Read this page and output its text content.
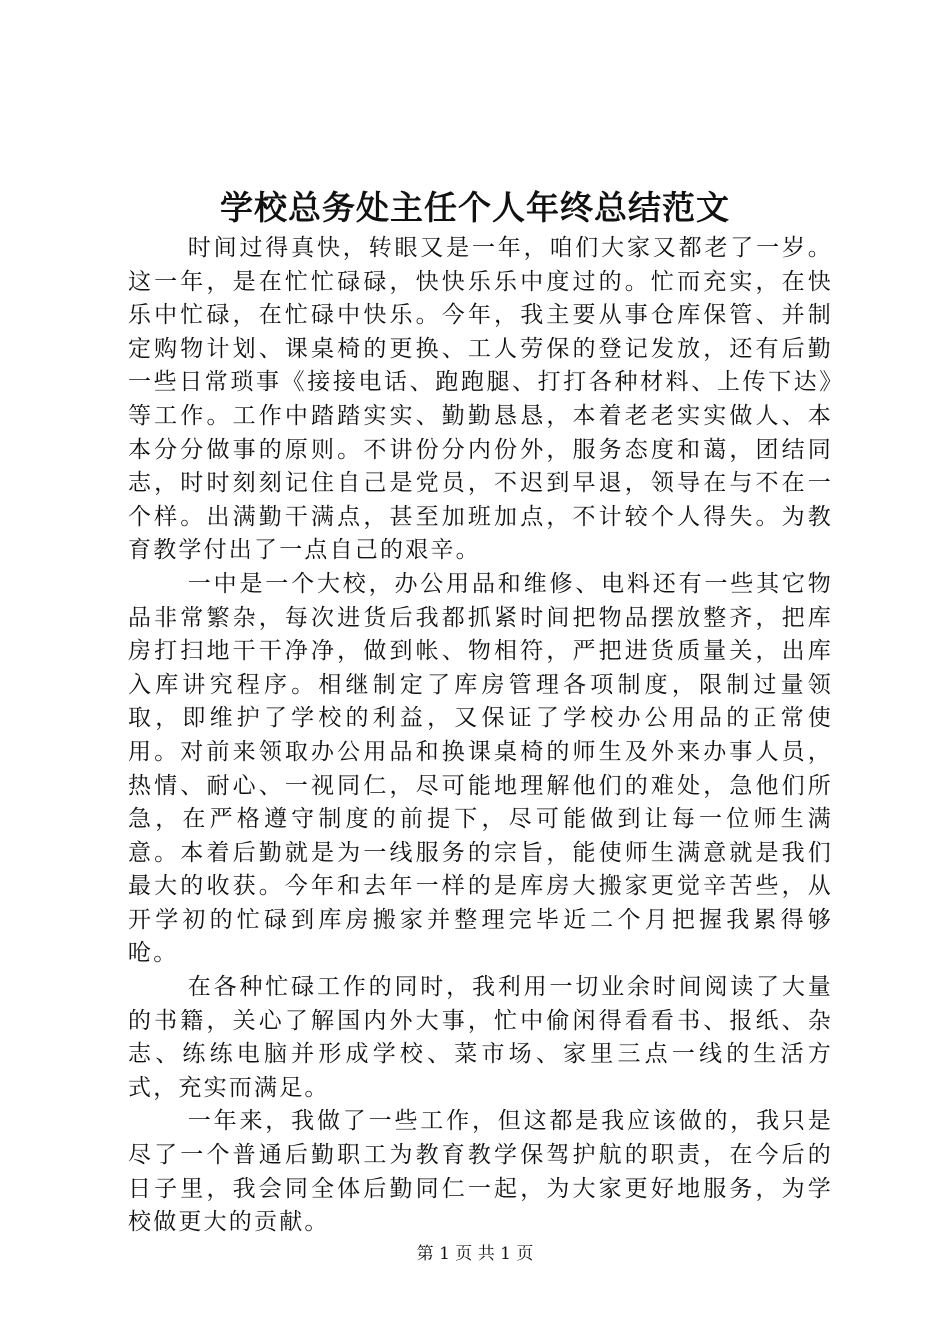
学校总务处主任个人年终总结范文

时间过得真快，转眼又是一年，咱们大家又都老了一岁。这一年，是在忙忙碌碌，快快乐乐中度过的。忙而充实，在快乐中忙碌，在忙碌中快乐。今年，我主要从事仓库保管、并制定购物计划、课桌椅的更换、工人劳保的登记发放，还有后勤一些日常琐事《接接电话、跑跑腿、打打各种材料、上传下达》等工作。工作中踏踏实实、勤勤恳恳，本着老老实实做人、本本分分做事的原则。不讲份分内份外，服务态度和蔼，团结同志，时时刻刻记住自己是党员，不迟到早退，领导在与不在一个样。出满勤干满点，甚至加班加点，不计较个人得失。为教育教学付出了一点自己的艰辛。

一中是一个大校，办公用品和维修、电料还有一些其它物品非常繁杂，每次进货后我都抓紧时间把物品摆放整齐，把库房打扫地干干净净，做到帐、物相符，严把进货质量关，出库入库讲究程序。相继制定了库房管理各项制度，限制过量领取，即维护了学校的利益，又保证了学校办公用品的正常使用。对前来领取办公用品和换课桌椅的师生及外来办事人员，热情、耐心、一视同仁，尽可能地理解他们的难处，急他们所急，在严格遵守制度的前提下，尽可能做到让每一位师生满意。本着后勤就是为一线服务的宗旨，能使师生满意就是我们最大的收获。今年和去年一样的是库房大搬家更觉辛苦些，从开学初的忙碌到库房搬家并整理完毕近二个月把握我累得够呛。

在各种忙碌工作的同时，我利用一切业余时间阅读了大量的书籍，关心了解国内外大事，忙中偷闲得看看书、报纸、杂志、练练电脑并形成学校、菜市场、家里三点一线的生活方式，充实而满足。

一年来，我做了一些工作，但这都是我应该做的，我只是尽了一个普通后勤职工为教育教学保驾护航的职责，在今后的日子里，我会同全体后勤同仁一起，为大家更好地服务，为学校做更大的贡献。

第 1 页 共 1 页
